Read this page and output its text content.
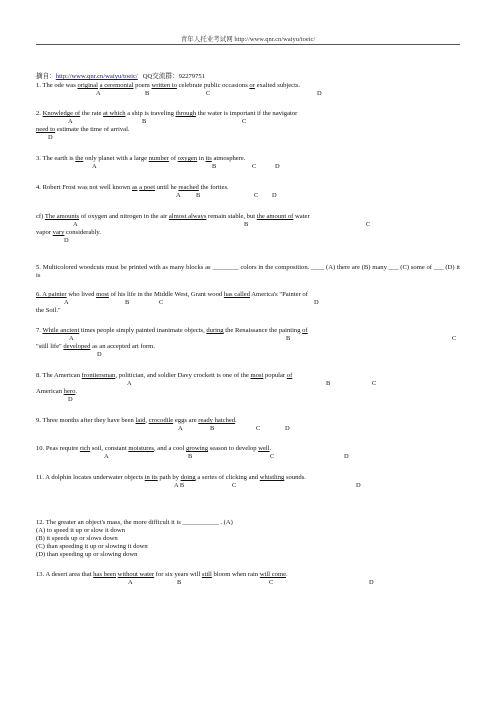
青年人托业考试网 http://www.qnr.cn/waiyu/toeic/
摘自：http://www.qnr.cn/waiyu/toeic/ QQ交流群：92279751
1. The ode was original a ceremonial poem written to celebrate public occasions or exalted subjects.
A	B	C	D
2. Knowledge of the rate at which a ship is traveling through the water is important if the navigator
A	B	C
need to estimate the time of arrival.
D
3. The earth is the only planet with a large number of oxygen in its atmosphere.
A	B	C	D
4. Robert Frost was not well known as a poet until he reached the forties.
A B	C D
cf) The amounts of oxygen and nitrogen in the air almost always remain stable, but the amount of water
A	B	C
vapor vary considerably.
D
5. Multicolored woodcuts must be printed with as many blocks as ________ colors in the composition. ____ (A) there are (B) many ___ (C) some of ___ (D) it is
6. A painter who lived most of his life in the Middle West, Grant wood has called America's "Painter of
A	B	C	D
the Soil."
7. While ancient times people simply painted inanimate objects, during the Renaissance the painting of
A	B	C
"still life" developed as an accepted art form.
D
8. The American frontiersman, politician, and soldier Davy crockett is one of the most popular of
A	B	C
American hero.
D
9. Three months after they have been laid, crocodile eggs are ready hatched.
A	B	C	D
10. Peas require rich soil, constant moistures, and a cool growing season to develop well.
A	B	C	D
11. A dolphin locates underwater objects in its path by doing a series of clicking and whistling sounds.
A B	C	D
12. The greater an object's mass, the more difficult it is ___________ . (A)
(A) to speed it up or slow it down
(B) it speeds up or slows down
(C) than speeding it up or slowing it down
(D) than speeding up or slowing down
13. A desert area that has been without water for six years will still bloom when rain will come.
A	B	C	D
